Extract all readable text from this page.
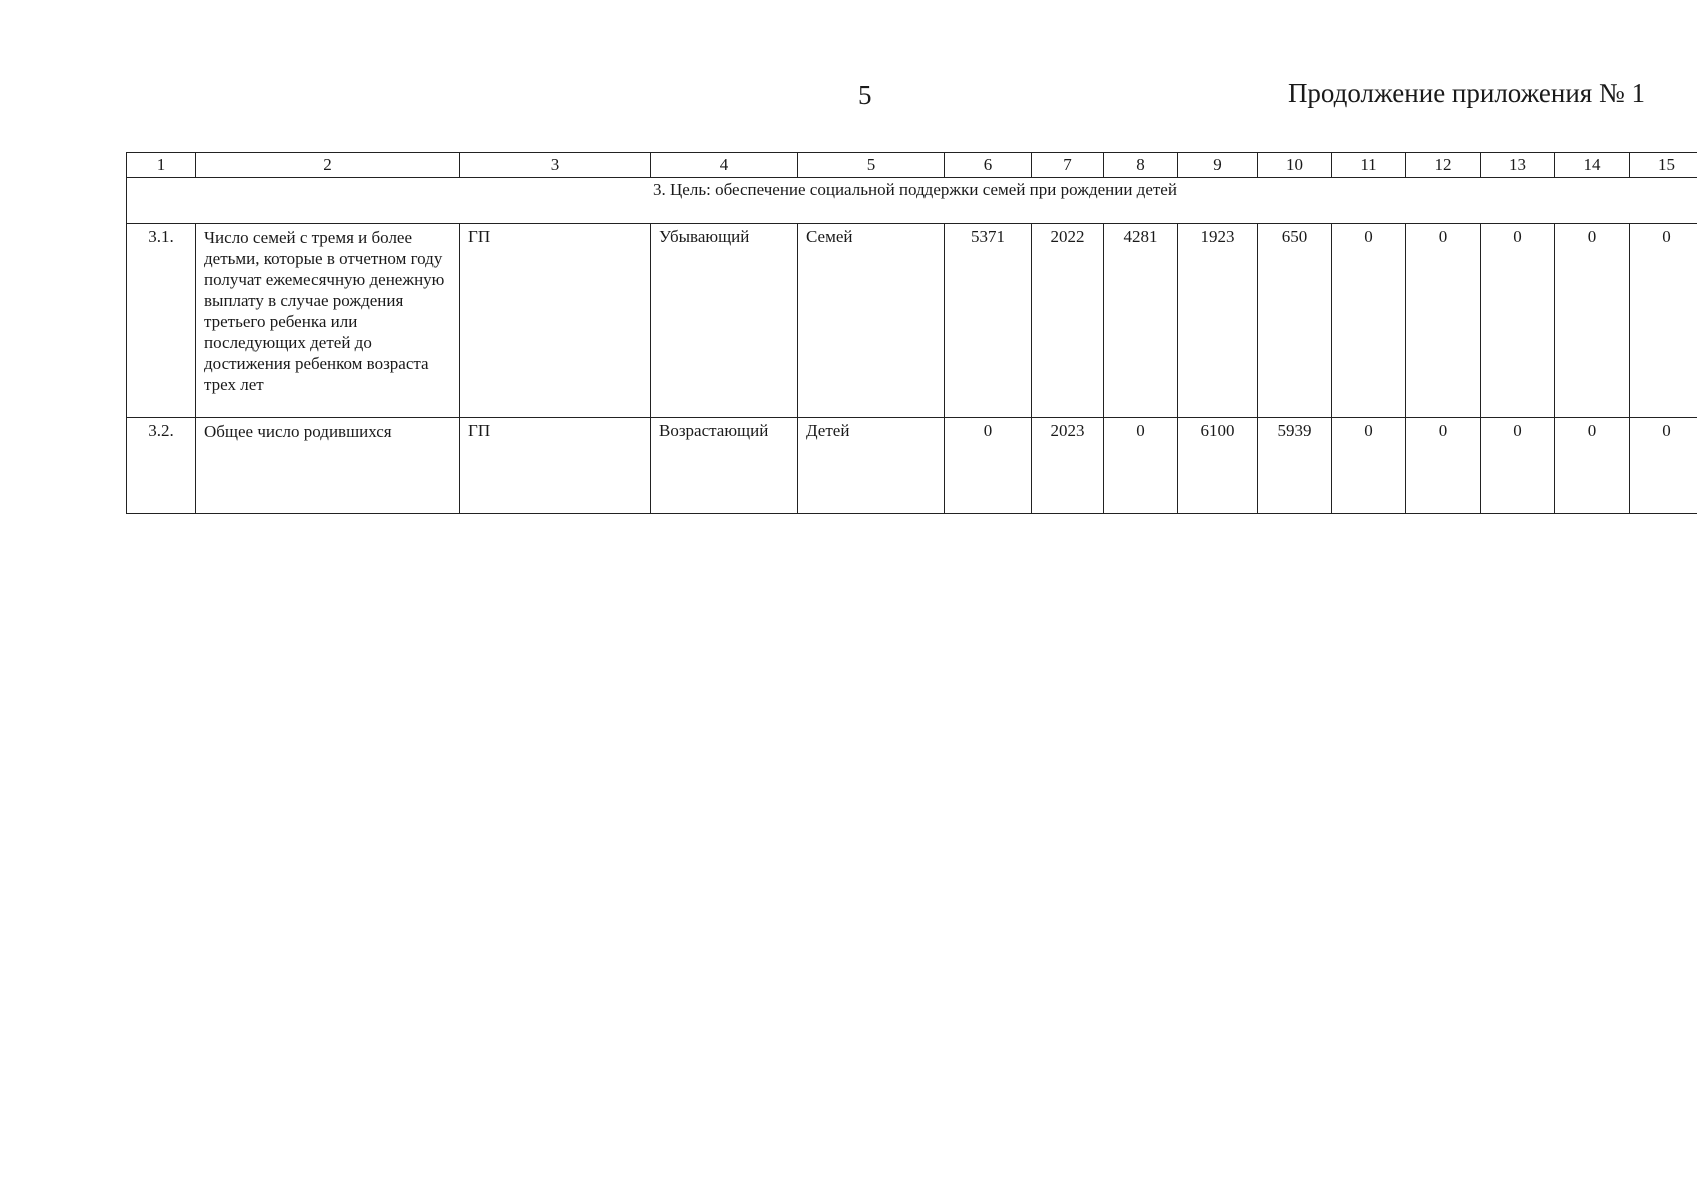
5	Продолжение приложения № 1
1	2	3	4	5	6	7	8	9	10	11	12	13	14	15
3. Цель: обеспечение социальной поддержки семей при рождении детей														
3.1.	Число семей с тремя и более детьми, которые в отчетном году получат ежемесячную денежную выплату в случае рождения третьего ребенка или последующих детей до достижения ребенком возраста трех лет	ГП	Убывающий	Семей	5371	2022	4281	1923	650	0	0	0	0	0
3.2.	Общее число родившихся	ГП	Возрастающий	Детей	0	2023	0	6100	5939	0	0	0	0	0
